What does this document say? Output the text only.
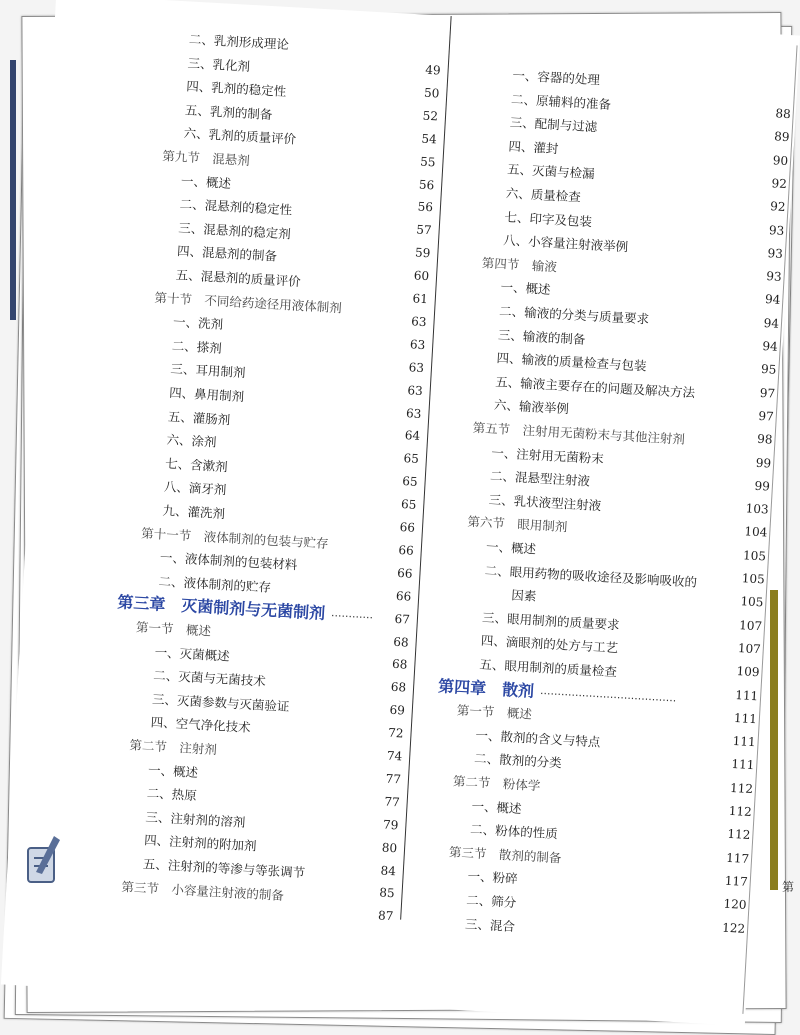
二、乳剂形成理论
三、乳化剂
四、乳剂的稳定性
五、乳剂的制备
六、乳剂的质量评价
第九节　混悬剂
一、概述
二、混悬剂的稳定性
三、混悬剂的稳定剂
四、混悬剂的制备
五、混悬剂的质量评价
第十节　不同给药途径用液体制剂
一、洗剂
二、搽剂
三、耳用制剂
四、鼻用制剂
五、灌肠剂
六、涂剂
七、含漱剂
八、滴牙剂
九、灌洗剂
第十一节　液体制剂的包装与贮存
一、液体制剂的包装材料
二、液体制剂的贮存
第三章　灭菌制剂与无菌制剂 ············
第一节　概述
一、灭菌概述
二、灭菌与无菌技术
三、灭菌参数与灭菌验证
四、空气净化技术
第二节　注射剂
一、概述
二、热原
三、注射剂的溶剂
四、注射剂的附加剂
五、注射剂的等渗与等张调节
第三节　小容量注射液的制备
49
50
52
54
55
56
56
57
59
60
61
63
63
63
63
63
64
65
65
65
66
66
66
66
67
68
68
68
69
72
74
77
77
79
80
84
85
87
一、容器的处理
二、原辅料的准备
三、配制与过滤
四、灌封
五、灭菌与检漏
六、质量检查
七、印字及包装
八、小容量注射液举例
第四节　输液
一、概述
二、输液的分类与质量要求
三、输液的制备
四、输液的质量检查与包装
五、输液主要存在的问题及解决方法
六、输液举例
第五节　注射用无菌粉末与其他注射剂
一、注射用无菌粉末
二、混悬型注射液
三、乳状液型注射液
第六节　眼用制剂
一、概述
二、眼用药物的吸收途径及影响吸收的
因素
三、眼用制剂的质量要求
四、滴眼剂的处方与工艺
五、眼用制剂的质量检查
第四章　散剂 ·······································
第一节　概述
一、散剂的含义与特点
二、散剂的分类
第二节　粉体学
一、概述
二、粉体的性质
第三节　散剂的制备
一、粉碎
二、筛分
三、混合
88
89
90
92
92
93
93
93
94
94
94
95
97
97
98
99
99
103
104
105
105
105
107
107
109
111
111
111
111
112
112
112
117
117
120
122
第
